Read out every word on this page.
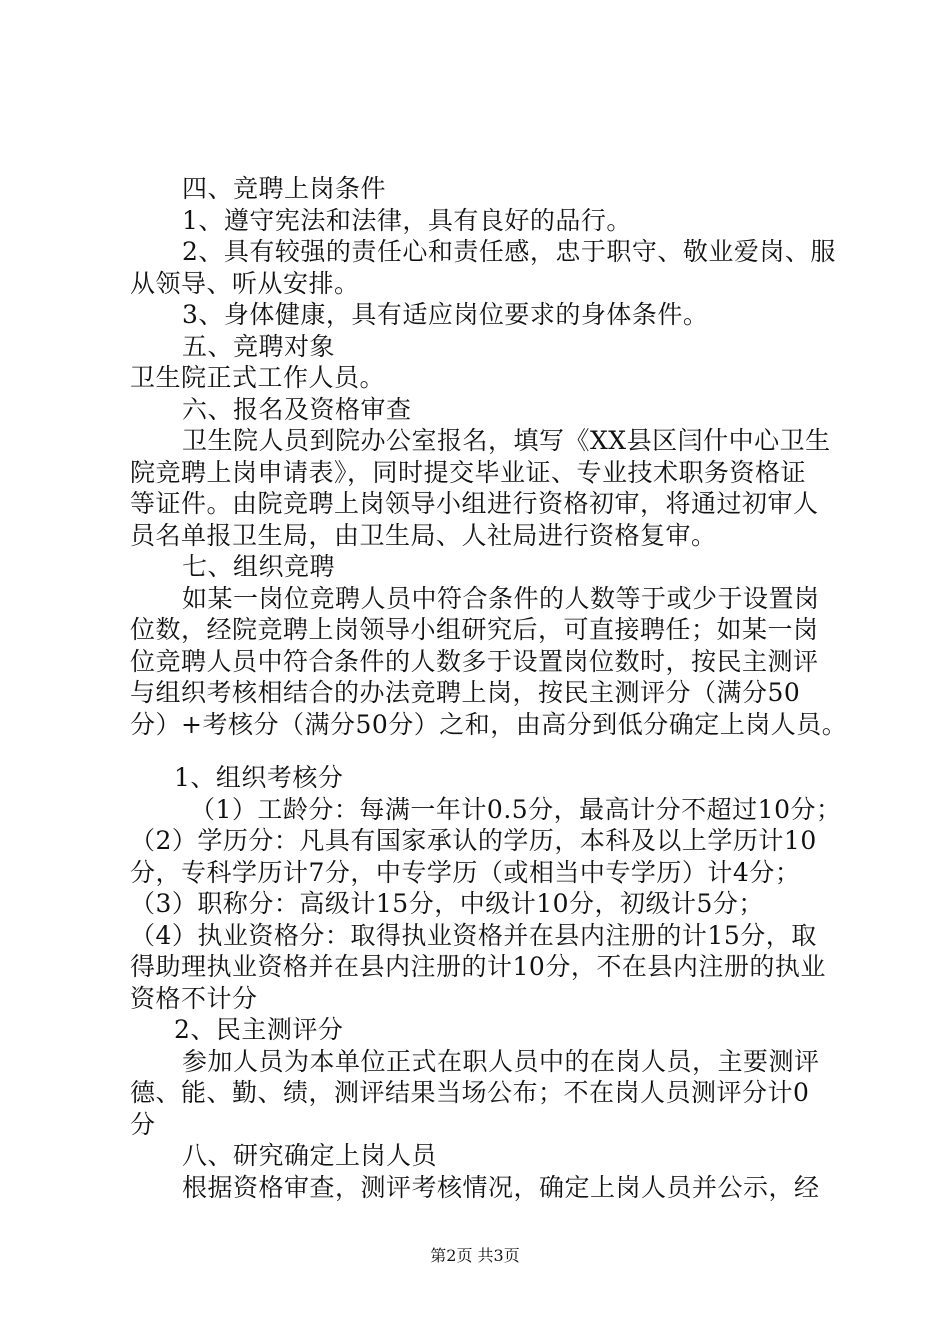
四、竞聘上岗条件
1、遵守宪法和法律，具有良好的品行。
2、具有较强的责任心和责任感，忠于职守、敬业爱岗、服
从领导、听从安排。
3、身体健康，具有适应岗位要求的身体条件。
五、竞聘对象
卫生院正式工作人员。
六、报名及资格审查
卫生院人员到院办公室报名，填写《XX县区闫什中心卫生
院竞聘上岗申请表》，同时提交毕业证、专业技术职务资格证
等证件。由院竞聘上岗领导小组进行资格初审，将通过初审人
员名单报卫生局，由卫生局、人社局进行资格复审。
七、组织竞聘
如某一岗位竞聘人员中符合条件的人数等于或少于设置岗
位数，经院竞聘上岗领导小组研究后，可直接聘任；如某一岗
位竞聘人员中符合条件的人数多于设置岗位数时，按民主测评
与组织考核相结合的办法竞聘上岗，按民主测评分（满分50
分）+考核分（满分50分）之和，由高分到低分确定上岗人员。
1、组织考核分
（1）工龄分：每满一年计0.5分，最高计分不超过10分；
（2）学历分：凡具有国家承认的学历，本科及以上学历计10
分，专科学历计7分，中专学历（或相当中专学历）计4分；
（3）职称分：高级计15分，中级计10分，初级计5分；
（4）执业资格分：取得执业资格并在县内注册的计15分，取
得助理执业资格并在县内注册的计10分，不在县内注册的执业
资格不计分
2、民主测评分
参加人员为本单位正式在职人员中的在岗人员，主要测评
德、能、勤、绩，测评结果当场公布；不在岗人员测评分计0
分
八、研究确定上岗人员
根据资格审查，测评考核情况，确定上岗人员并公示，经
第2页 共3页
